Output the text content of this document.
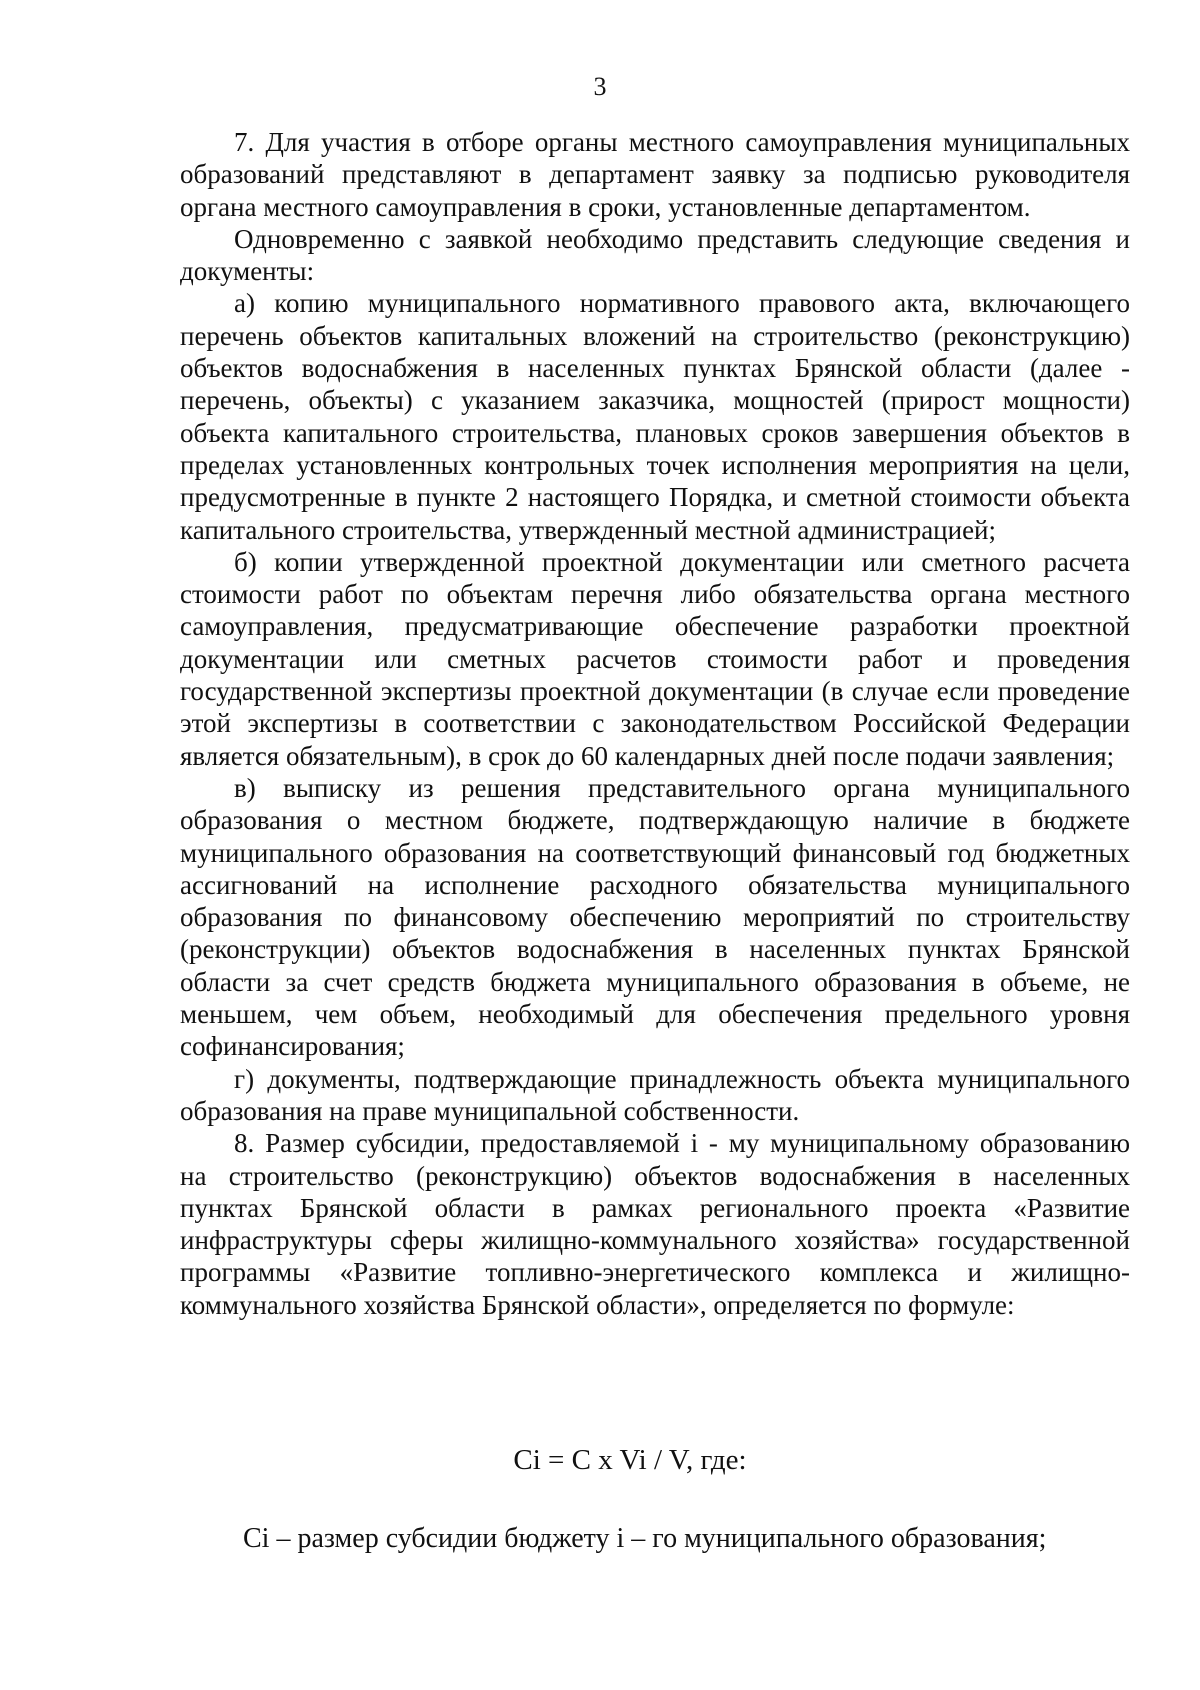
3

7. Для участия в отборе органы местного самоуправления муниципальных образований представляют в департамент заявку за подписью руководителя органа местного самоуправления в сроки, установленные департаментом.

Одновременно с заявкой необходимо представить следующие сведения и документы:

а) копию муниципального нормативного правового акта, включающего перечень объектов капитальных вложений на строительство (реконструкцию) объектов водоснабжения в населенных пунктах Брянской области (далее - перечень, объекты) с указанием заказчика, мощностей (прирост мощности) объекта капитального строительства, плановых сроков завершения объектов в пределах установленных контрольных точек исполнения мероприятия на цели, предусмотренные в пункте 2 настоящего Порядка, и сметной стоимости объекта капитального строительства, утвержденный местной администрацией;

б) копии утвержденной проектной документации или сметного расчета стоимости работ по объектам перечня либо обязательства органа местного самоуправления, предусматривающие обеспечение разработки проектной документации или сметных расчетов стоимости работ и проведения государственной экспертизы проектной документации (в случае если проведение этой экспертизы в соответствии с законодательством Российской Федерации является обязательным), в срок до 60 календарных дней после подачи заявления;

в) выписку из решения представительного органа муниципального образования о местном бюджете, подтверждающую наличие в бюджете муниципального образования на соответствующий финансовый год бюджетных ассигнований на исполнение расходного обязательства муниципального образования по финансовому обеспечению мероприятий по строительству (реконструкции) объектов водоснабжения в населенных пунктах Брянской области за счет средств бюджета муниципального образования в объеме, не меньшем, чем объем, необходимый для обеспечения предельного уровня софинансирования;

г) документы, подтверждающие принадлежность объекта муниципального образования на праве муниципальной собственности.

8. Размер субсидии, предоставляемой i - му муниципальному образованию на строительство (реконструкцию) объектов водоснабжения в населенных пунктах Брянской области в рамках регионального проекта «Развитие инфраструктуры сферы жилищно-коммунального хозяйства» государственной программы «Развитие топливно-энергетического комплекса и жилищно-коммунального хозяйства Брянской области», определяется по формуле:

Ci = C x Vi / V, где:
Ci – размер субсидии бюджету i – го муниципального образования;
